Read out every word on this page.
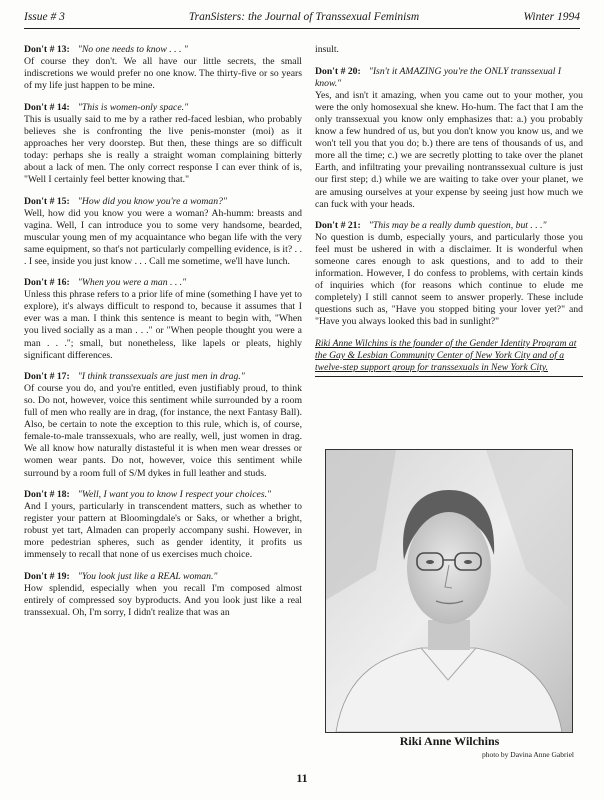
Issue # 3	TranSisters: the Journal of Transsexual Feminism	Winter 1994

Don't # 13: "No one needs to know . . . "

Of course they don't. We all have our little secrets, the small indiscretions we would prefer no one know. The thirty-five or so years of my life just happen to be mine.

Don't # 14: "This is women-only space."

This is usually said to me by a rather red-faced lesbian, who probably believes she is confronting the live penis-monster (moi) as it approaches her very doorstep. But then, these things are so difficult today: perhaps she is really a straight woman complaining bitterly about a lack of men. The only correct response I can ever think of is, "Well I certainly feel better knowing that."

Don't # 15: "How did you know you're a woman?"

Well, how did you know you were a woman? Ah-humm: breasts and vagina. Well, I can introduce you to some very handsome, bearded, muscular young men of my acquaintance who began life with the very same equipment, so that's not particularly compelling evidence, is it? . . . I see, inside you just know . . . Call me sometime, we'll have lunch.

Don't # 16: "When you were a man . . ."

Unless this phrase refers to a prior life of mine (something I have yet to explore), it's always difficult to respond to, because it assumes that I ever was a man. I think this sentence is meant to begin with, "When you lived socially as a man . . ." or "When people thought you were a man . . ."; small, but nonetheless, like lapels or pleats, highly significant differences.

Don't # 17: "I think transsexuals are just men in drag."

Of course you do, and you're entitled, even justifiably proud, to think so. Do not, however, voice this sentiment while surrounded by a room full of men who really are in drag, (for instance, the next Fantasy Ball). Also, be certain to note the exception to this rule, which is, of course, female-to-male transsexuals, who are really, well, just women in drag. We all know how naturally distasteful it is when men wear dresses or women wear pants. Do not, however, voice this sentiment while surround by a room full of S/M dykes in full leather and studs.

Don't # 18: "Well, I want you to know I respect your choices."

And I yours, particularly in transcendent matters, such as whether to register your pattern at Bloomingdale's or Saks, or whether a bright, robust yet tart, Almaden can properly accompany sushi. However, in more pedestrian spheres, such as gender identity, it profits us immensely to recall that none of us exercises much choice.

Don't # 19: "You look just like a REAL woman."

How splendid, especially when you recall I'm composed almost entirely of compressed soy byproducts. And you look just like a real transsexual. Oh, I'm sorry, I didn't realize that was an

insult.

Don't # 20: "Isn't it AMAZING you're the ONLY transsexual I know."

Yes, and isn't it amazing, when you came out to your mother, you were the only homosexual she knew. Ho-hum. The fact that I am the only transsexual you know only emphasizes that: a.) you probably know a few hundred of us, but you don't know you know us, and we won't tell you that you do; b.) there are tens of thousands of us, and more all the time; c.) we are secretly plotting to take over the planet Earth, and infiltrating your prevailing nontranssexual culture is just our first step; d.) while we are waiting to take over your planet, we are amusing ourselves at your expense by seeing just how much we can fuck with your heads.

Don't # 21: "This may be a really dumb question, but . . ."

No question is dumb, especially yours, and particularly those you feel must be ushered in with a disclaimer. It is wonderful when someone cares enough to ask questions, and to add to their information. However, I do confess to problems, with certain kinds of inquiries which (for reasons which continue to elude me completely) I still cannot seem to answer properly. These include questions such as, "Have you stopped biting your lover yet?" and "Have you always looked this bad in sunlight?"

Riki Anne Wilchins is the founder of the Gender Identity Program at the Gay & Lesbian Community Center of New York City and of a twelve-step support group for transsexuals in New York City.

Riki Anne Wilchins

photo by Davina Anne Gabriel

11
